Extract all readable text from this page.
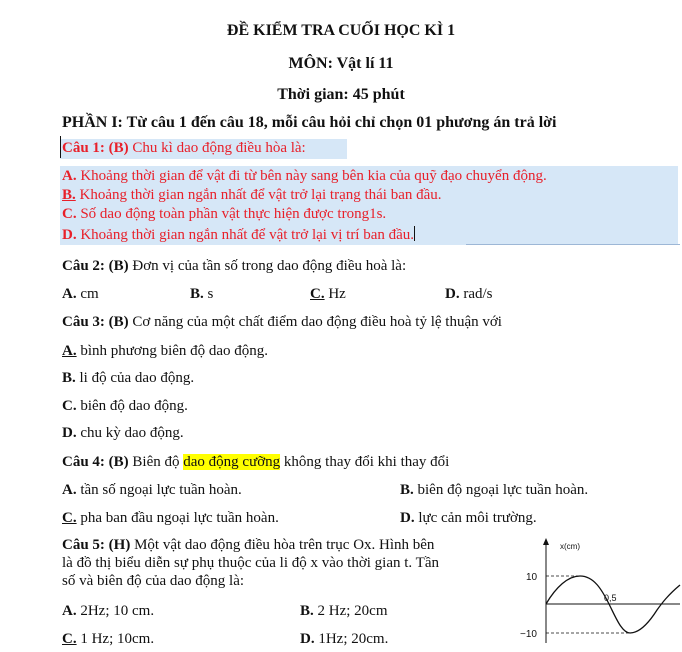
ĐỀ KIỂM TRA CUỐI HỌC KÌ 1
MÔN: Vật lí 11
Thời gian: 45 phút
PHẦN I: Từ câu 1 đến câu 18, mỗi câu hỏi chỉ chọn 01 phương án trả lời
Câu 1: (B) Chu kì dao động điều hòa là:
A. Khoảng thời gian để vật đi từ bên này sang bên kia của quỹ đạo chuyển động.
B. Khoảng thời gian ngắn nhất để vật trở lại trạng thái ban đầu.
C. Số dao động toàn phần vật thực hiện được trong1s.
D. Khoảng thời gian ngắn nhất để vật trở lại vị trí ban đầu.
Câu 2: (B) Đơn vị của tần số trong dao động điều hoà là:
A. cm	B. s	C. Hz	D. rad/s
Câu 3: (B) Cơ năng của một chất điểm dao động điều hoà tỷ lệ thuận với
A. bình phương biên độ dao động.
B. li độ của dao động.
C. biên độ dao động.
D. chu kỳ dao động.
Câu 4: (B) Biên độ dao động cưỡng không thay đổi khi thay đổi
A. tần số ngoại lực tuần hoàn.	B. biên độ ngoại lực tuần hoàn.
C. pha ban đầu ngoại lực tuần hoàn.	D. lực cản môi trường.
Câu 5: (H) Một vật dao động điều hòa trên trục Ox. Hình bên
là đồ thị biểu diễn sự phụ thuộc của li độ x vào thời gian t. Tần
số và biên độ của dao động là:
A. 2Hz; 10 cm.	B. 2 Hz; 20cm
C. 1 Hz; 10cm.	D. 1Hz; 20cm.
x(cm)
10
−10
0,5
